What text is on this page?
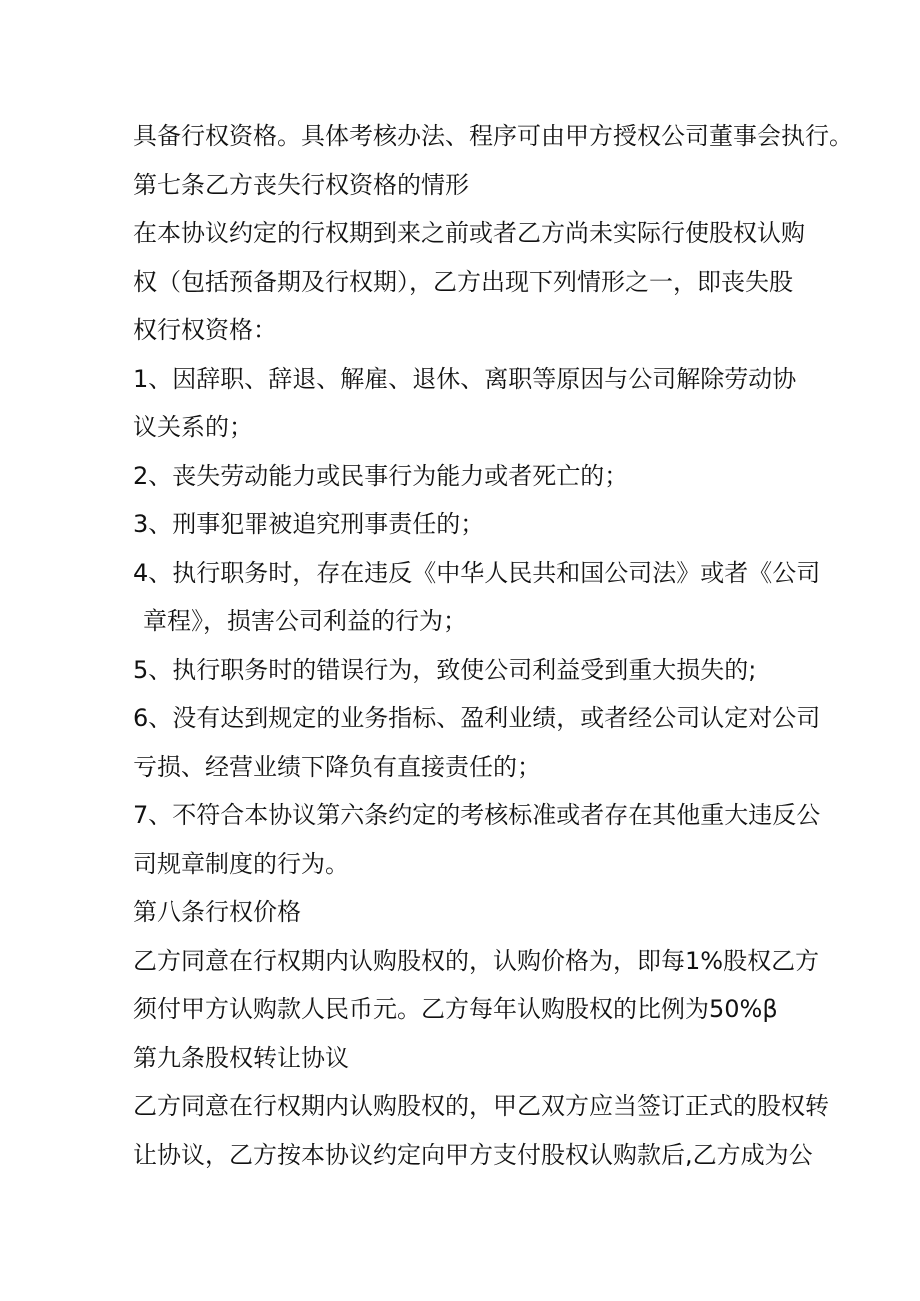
具备行权资格。具体考核办法、程序可由甲方授权公司董事会执行。
第七条乙方丧失行权资格的情形
在本协议约定的行权期到来之前或者乙方尚未实际行使股权认购
权（包括预备期及行权期），乙方出现下列情形之一，即丧失股
权行权资格：
1、因辞职、辞退、解雇、退休、离职等原因与公司解除劳动协
议关系的；
2、丧失劳动能力或民事行为能力或者死亡的；
3、刑事犯罪被追究刑事责任的；
4、执行职务时，存在违反《中华人民共和国公司法》或者《公司
章程》，损害公司利益的行为；
5、执行职务时的错误行为，致使公司利益受到重大损失的;
6、没有达到规定的业务指标、盈利业绩，或者经公司认定对公司
亏损、经营业绩下降负有直接责任的；
7、不符合本协议第六条约定的考核标准或者存在其他重大违反公
司规章制度的行为。
第八条行权价格
乙方同意在行权期内认购股权的，认购价格为，即每1%股权乙方
须付甲方认购款人民币元。乙方每年认购股权的比例为50%β
第九条股权转让协议
乙方同意在行权期内认购股权的，甲乙双方应当签订正式的股权转
让协议，乙方按本协议约定向甲方支付股权认购款后,乙方成为公
